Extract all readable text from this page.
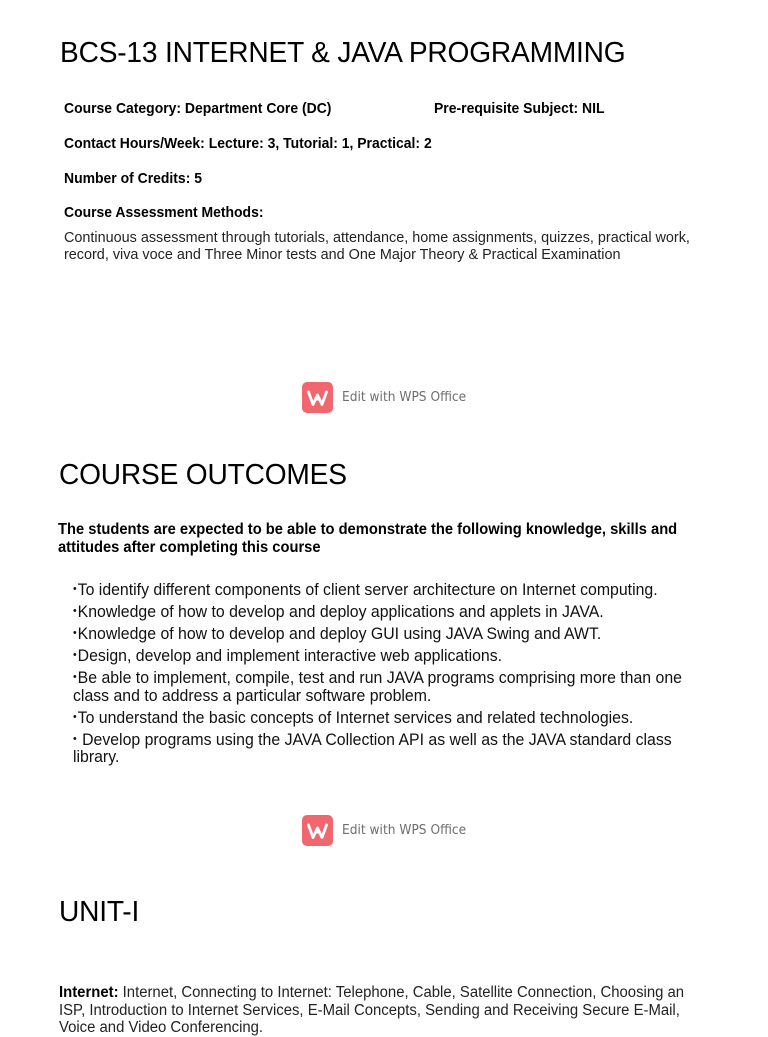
BCS-13 INTERNET & JAVA PROGRAMMING
Course Category: Department Core (DC)	Pre-requisite Subject: NIL
Contact Hours/Week: Lecture: 3, Tutorial: 1, Practical: 2
Number of Credits: 5
Course Assessment Methods:
Continuous assessment through tutorials, attendance, home assignments, quizzes, practical work, record, viva voce and Three Minor tests and One Major Theory & Practical Examination
Edit with WPS Office
COURSE OUTCOMES
The students are expected to be able to demonstrate the following knowledge, skills and attitudes after completing this course
•To identify different components of client server architecture on Internet computing.
•Knowledge of how to develop and deploy applications and applets in JAVA.
•Knowledge of how to develop and deploy GUI using JAVA Swing and AWT.
•Design, develop and implement interactive web applications.
•Be able to implement, compile, test and run JAVA programs comprising more than one class and to address a particular software problem.
•To understand the basic concepts of Internet services and related technologies.
• Develop programs using the JAVA Collection API as well as the JAVA standard class library.
Edit with WPS Office
UNIT-I
Internet: Internet, Connecting to Internet: Telephone, Cable, Satellite Connection, Choosing an ISP, Introduction to Internet Services, E-Mail Concepts, Sending and Receiving Secure E-Mail, Voice and Video Conferencing.
